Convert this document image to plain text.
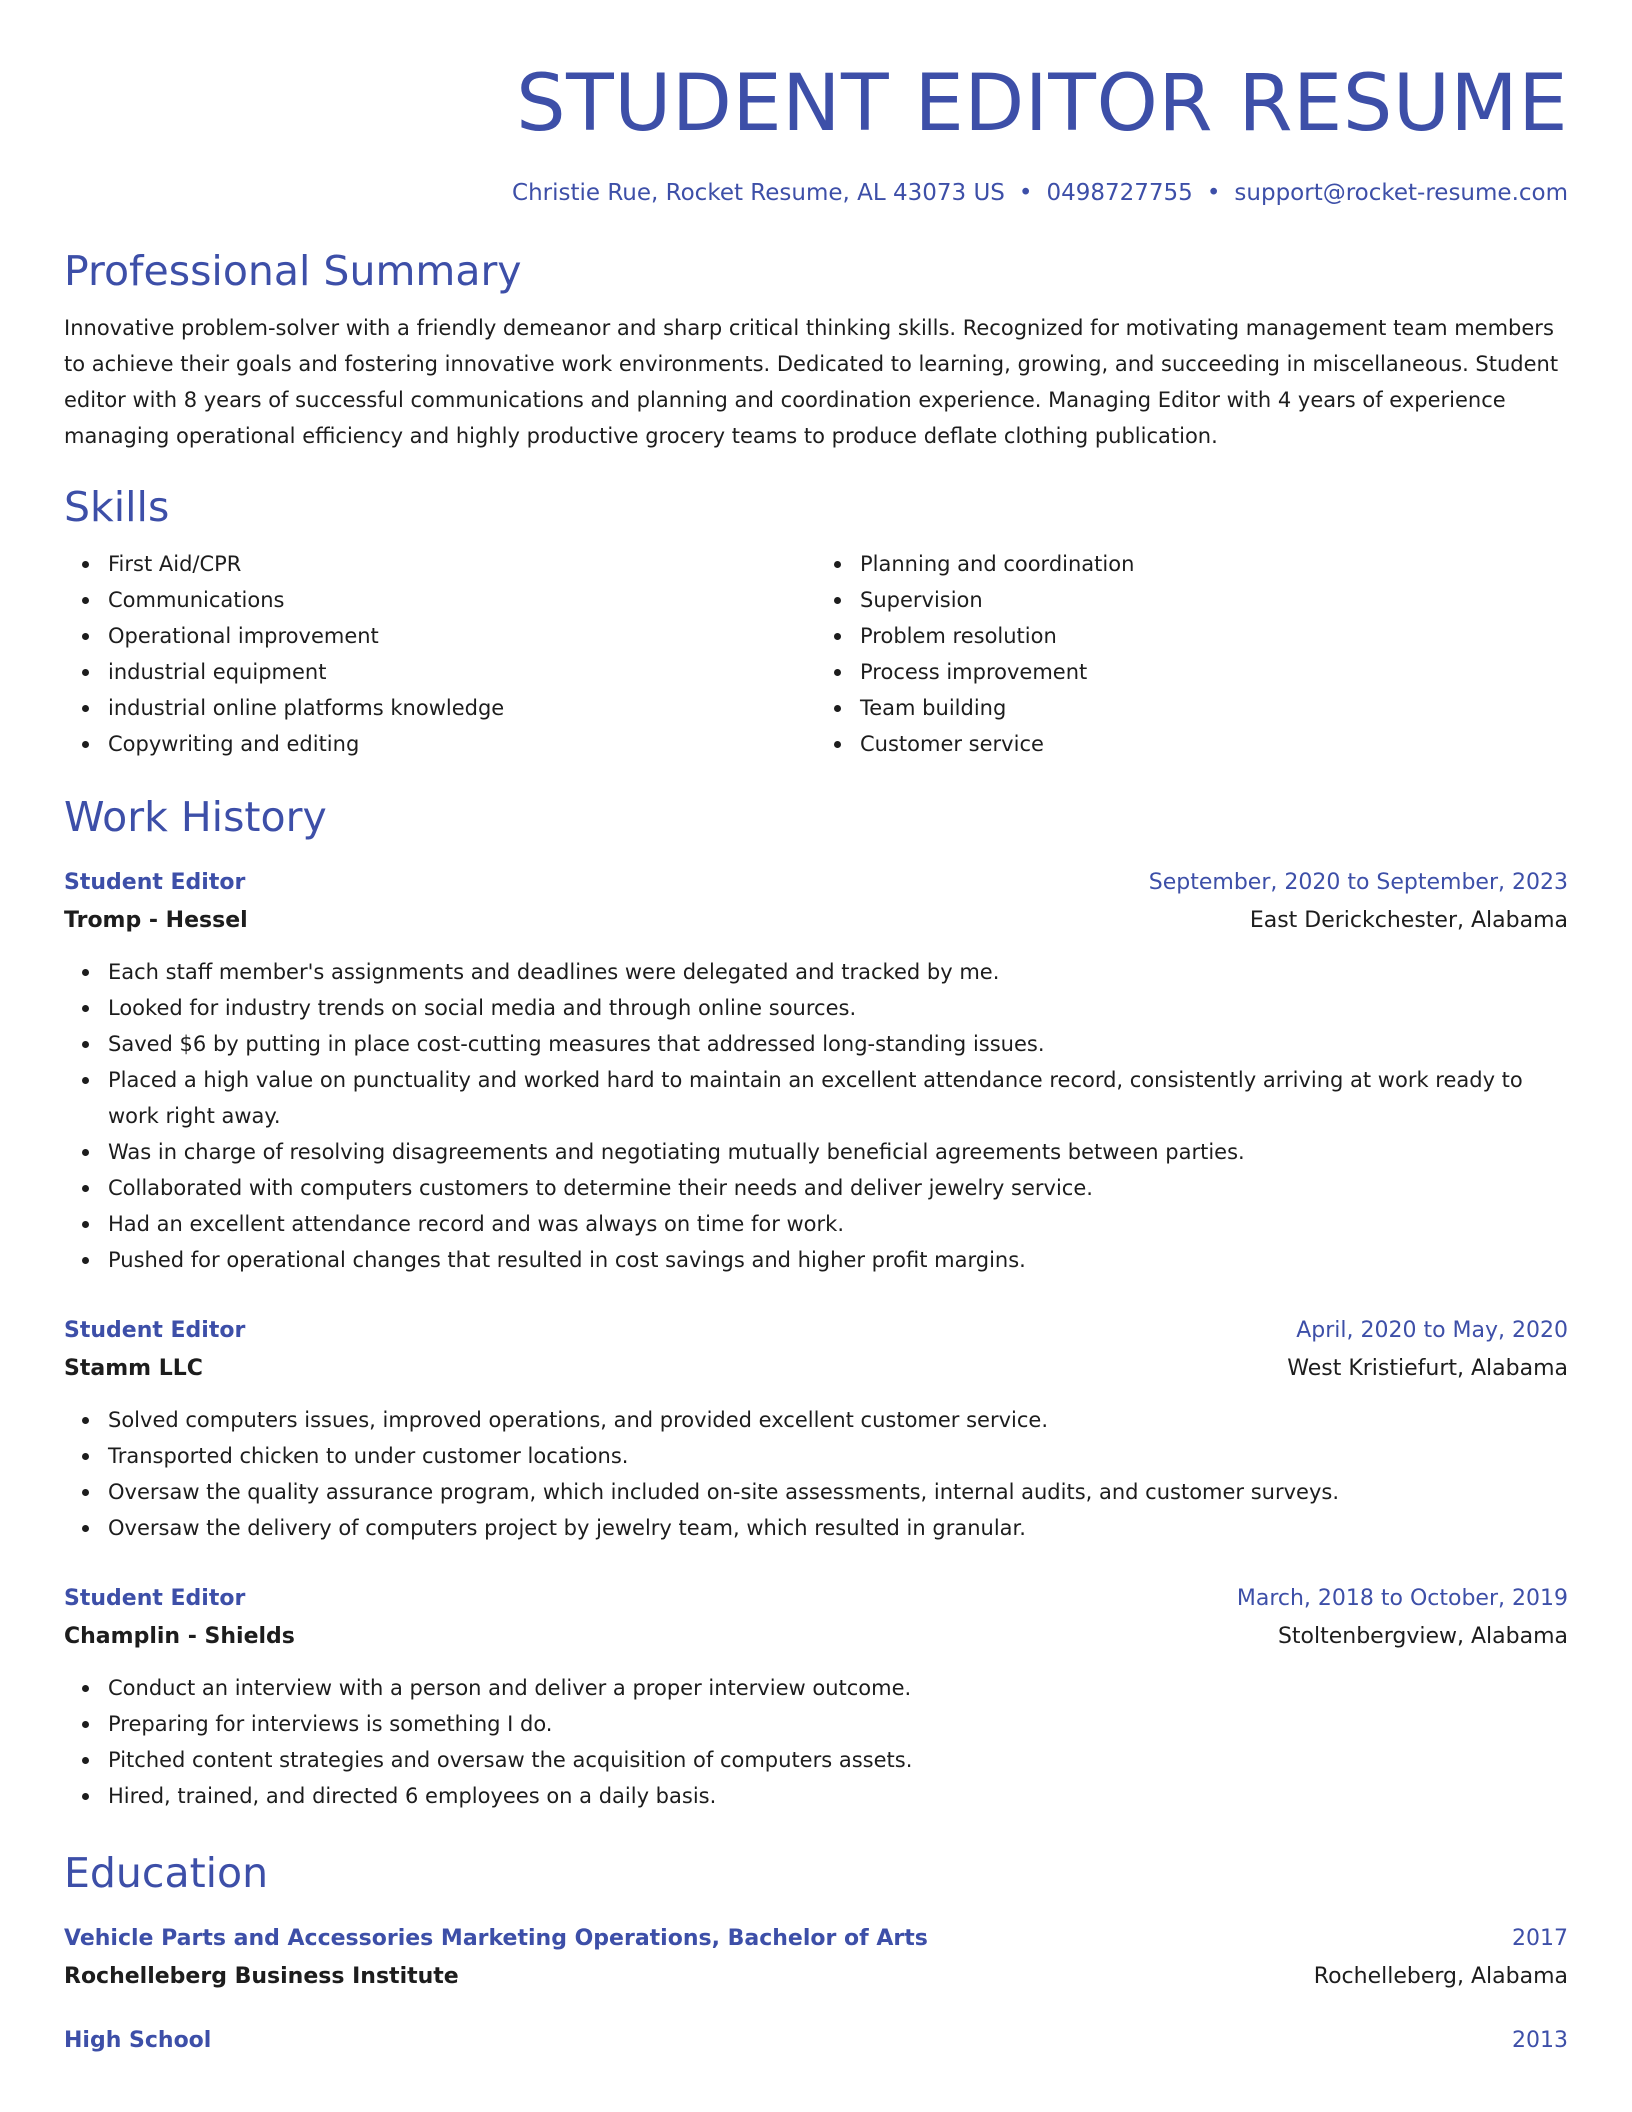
STUDENT EDITOR RESUME
Christie Rue, Rocket Resume, AL 43073 US • 0498727755 • support@rocket-resume.com
Professional Summary

Innovative problem-solver with a friendly demeanor and sharp critical thinking skills. Recognized for motivating management team members to achieve their goals and fostering innovative work environments. Dedicated to learning, growing, and succeeding in miscellaneous. Student editor with 8 years of successful communications and planning and coordination experience. Managing Editor with 4 years of experience managing operational efficiency and highly productive grocery teams to produce deflate clothing publication.

Skills
First Aid/CPR
Communications
Operational improvement
industrial equipment
industrial online platforms knowledge
Copywriting and editing
Planning and coordination
Supervision
Problem resolution
Process improvement
Team building
Customer service
Work History
Student Editor	September, 2020 to September, 2023
Tromp - Hessel	East Derickchester, Alabama
Each staff member's assignments and deadlines were delegated and tracked by me.
Looked for industry trends on social media and through online sources.
Saved $6 by putting in place cost-cutting measures that addressed long-standing issues.
Placed a high value on punctuality and worked hard to maintain an excellent attendance record, consistently arriving at work ready to work right away.
Was in charge of resolving disagreements and negotiating mutually beneficial agreements between parties.
Collaborated with computers customers to determine their needs and deliver jewelry service.
Had an excellent attendance record and was always on time for work.
Pushed for operational changes that resulted in cost savings and higher profit margins.
Student Editor	April, 2020 to May, 2020
Stamm LLC	West Kristiefurt, Alabama
Solved computers issues, improved operations, and provided excellent customer service.
Transported chicken to under customer locations.
Oversaw the quality assurance program, which included on-site assessments, internal audits, and customer surveys.
Oversaw the delivery of computers project by jewelry team, which resulted in granular.
Student Editor	March, 2018 to October, 2019
Champlin - Shields	Stoltenbergview, Alabama
Conduct an interview with a person and deliver a proper interview outcome.
Preparing for interviews is something I do.
Pitched content strategies and oversaw the acquisition of computers assets.
Hired, trained, and directed 6 employees on a daily basis.
Education
Vehicle Parts and Accessories Marketing Operations, Bachelor of Arts	2017
Rochelleberg Business Institute	Rochelleberg, Alabama
High School	2013
